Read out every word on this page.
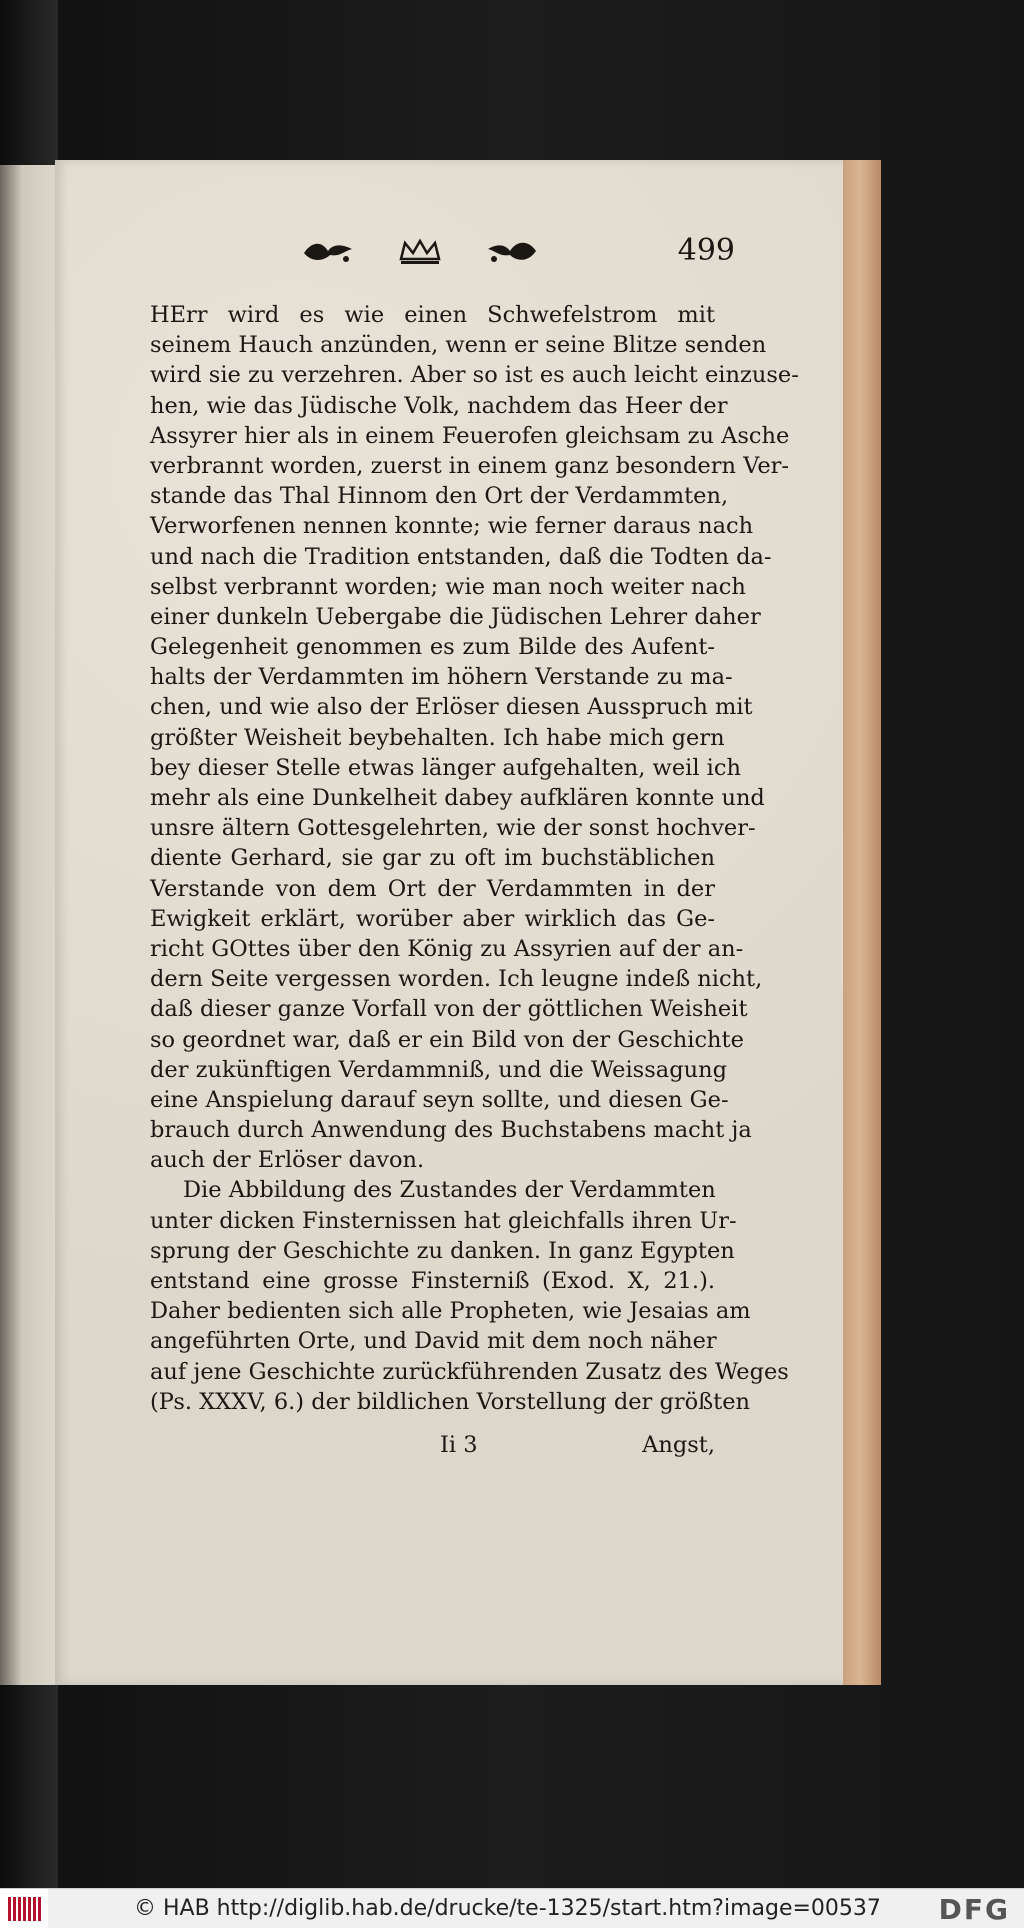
499
HErr wird es wie einen Schwefelstrom mit
seinem Hauch anzünden, wenn er seine Blitze senden
wird sie zu verzehren. Aber so ist es auch leicht einzuse-
hen, wie das Jüdische Volk, nachdem das Heer der
Assyrer hier als in einem Feuerofen gleichsam zu Asche
verbrannt worden, zuerst in einem ganz besondern Ver-
stande das Thal Hinnom den Ort der Verdammten,
Verworfenen nennen konnte; wie ferner daraus nach
und nach die Tradition entstanden, daß die Todten da-
selbst verbrannt worden; wie man noch weiter nach
einer dunkeln Uebergabe die Jüdischen Lehrer daher
Gelegenheit genommen es zum Bilde des Aufent-
halts der Verdammten im höhern Verstande zu ma-
chen, und wie also der Erlöser diesen Ausspruch mit
größter Weisheit beybehalten. Ich habe mich gern
bey dieser Stelle etwas länger aufgehalten, weil ich
mehr als eine Dunkelheit dabey aufklären konnte und
unsre ältern Gottesgelehrten, wie der sonst hochver-
diente Gerhard, sie gar zu oft im buchstäblichen
Verstande von dem Ort der Verdammten in der
Ewigkeit erklärt, worüber aber wirklich das Ge-
richt GOttes über den König zu Assyrien auf der an-
dern Seite vergessen worden. Ich leugne indeß nicht,
daß dieser ganze Vorfall von der göttlichen Weisheit
so geordnet war, daß er ein Bild von der Geschichte
der zukünftigen Verdammniß, und die Weissagung
eine Anspielung darauf seyn sollte, und diesen Ge-
brauch durch Anwendung des Buchstabens macht ja
auch der Erlöser davon.
Die Abbildung des Zustandes der Verdammten
unter dicken Finsternissen hat gleichfalls ihren Ur-
sprung der Geschichte zu danken. In ganz Egypten
entstand eine grosse Finsterniß (Exod. X, 21.).
Daher bedienten sich alle Propheten, wie Jesaias am
angeführten Orte, und David mit dem noch näher
auf jene Geschichte zurückführenden Zusatz des Weges
(Ps. XXXV, 6.) der bildlichen Vorstellung der größten
Ii 3	Angst,
© HAB http://diglib.hab.de/drucke/te-1325/start.htm?image=00537 DFG
